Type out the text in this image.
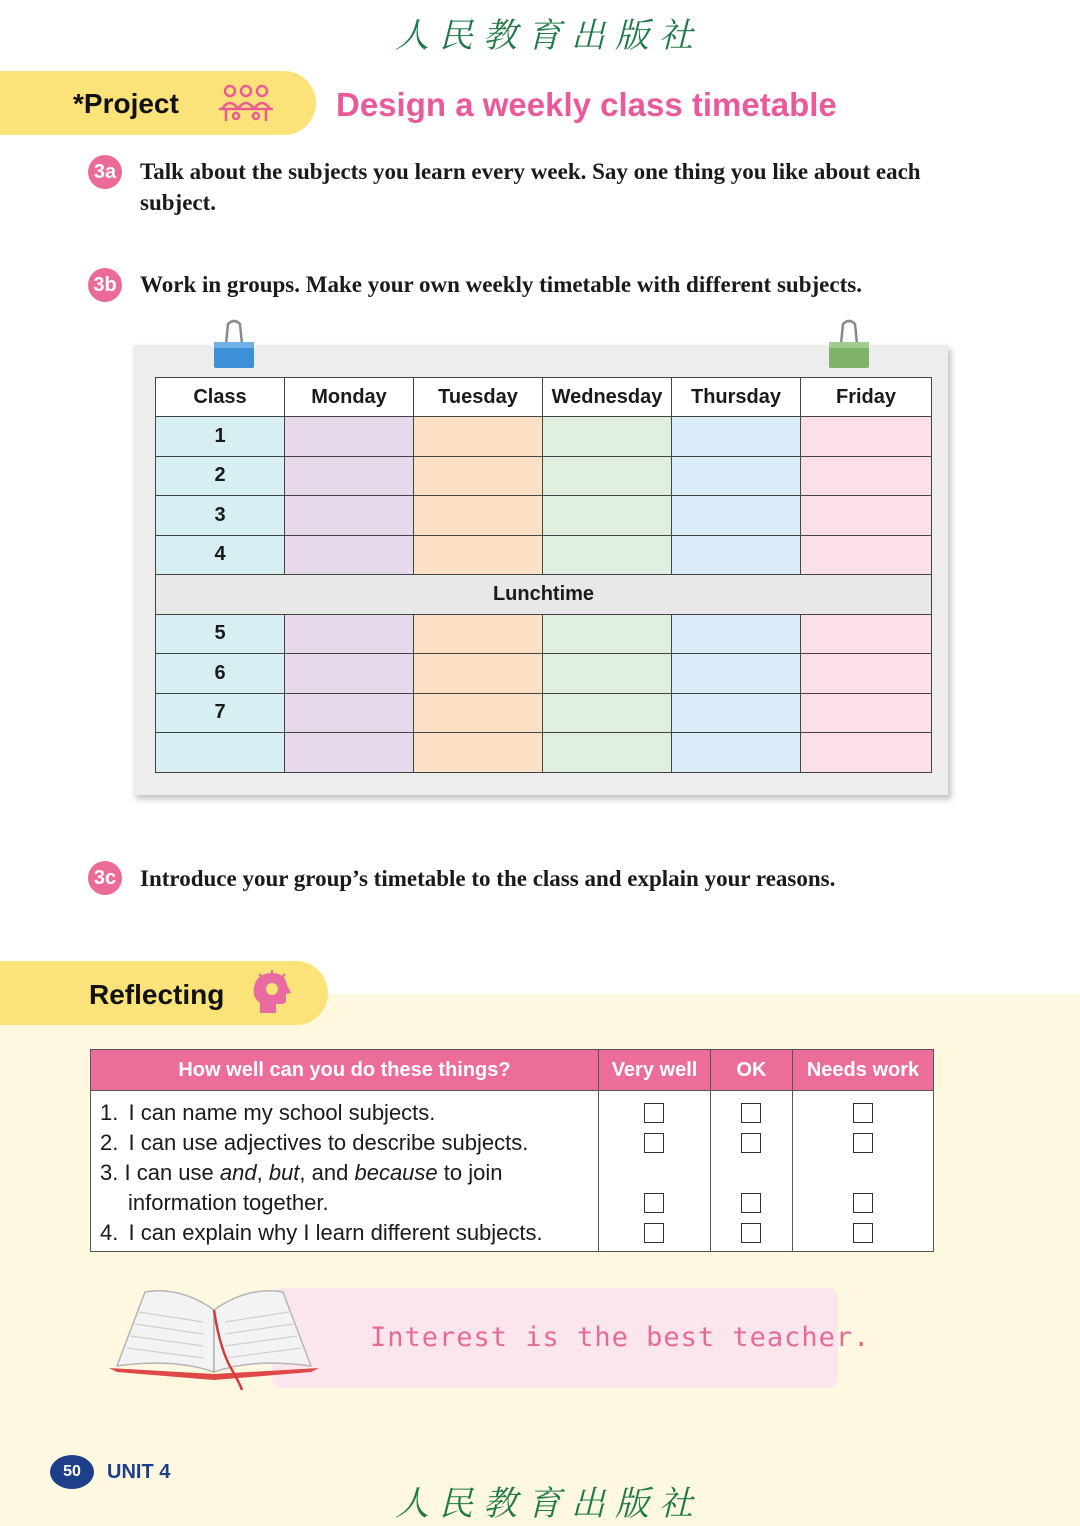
人民教育出版社
*Project	Design a weekly class timetable
3a Talk about the subjects you learn every week. Say one thing you like about each subject.
3b Work in groups. Make your own weekly timetable with different subjects.
Class	Monday	Tuesday	Wednesday	Thursday	Friday
1					
2					
3					
4					
Lunchtime					
5					
6					
7					

3c Introduce your group’s timetable to the class and explain your reasons.
Reflecting
How well can you do these things?	Very well	OK	Needs work

1. I can name my school subjects.
2. I can use adjectives to describe subjects.
3. I can use and, but, and because to join
information together.
4. I can explain why I learn different subjects.			

Interest is the best teacher.
50	UNIT 4
人民教育出版社
